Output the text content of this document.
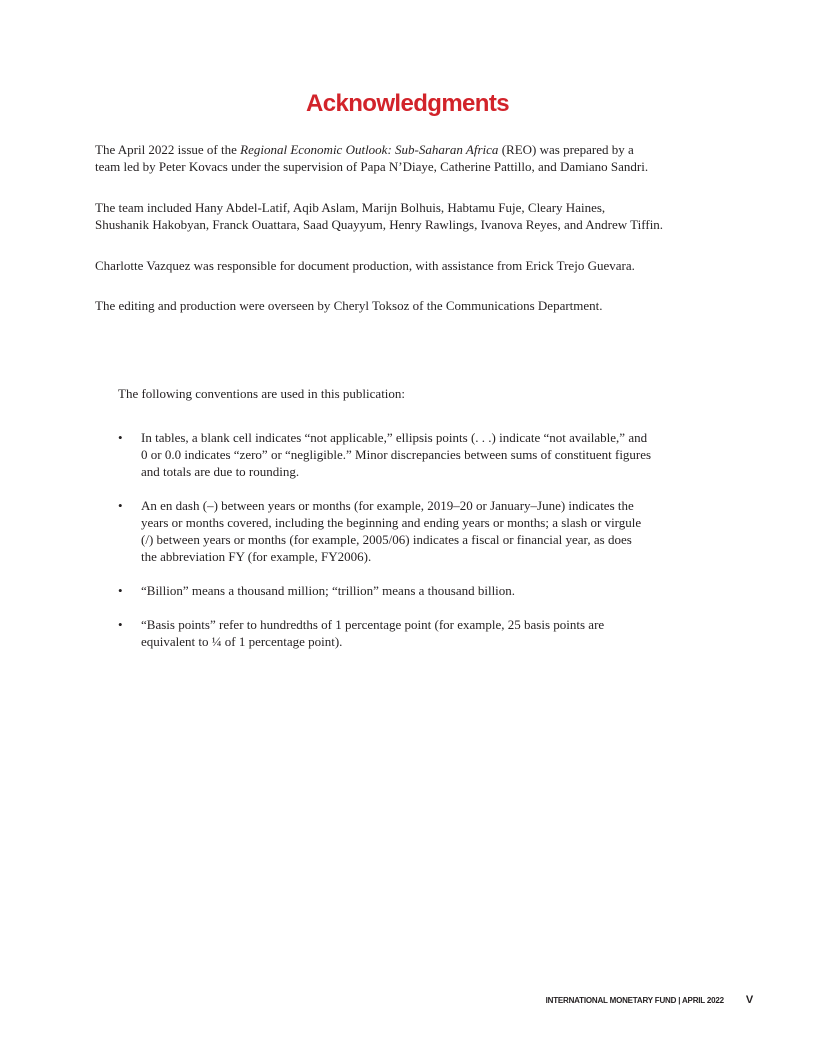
Acknowledgments

The April 2022 issue of the Regional Economic Outlook: Sub-Saharan Africa (REO) was prepared by a

team led by Peter Kovacs under the supervision of Papa N’Diaye, Catherine Pattillo, and Damiano Sandri.

The team included Hany Abdel-Latif, Aqib Aslam, Marijn Bolhuis, Habtamu Fuje, Cleary Haines,

Shushanik Hakobyan, Franck Ouattara, Saad Quayyum, Henry Rawlings, Ivanova Reyes, and Andrew Tiffin.

Charlotte Vazquez was responsible for document production, with assistance from Erick Trejo Guevara.

The editing and production were overseen by Cheryl Toksoz of the Communications Department.

The following conventions are used in this publication:

• In tables, a blank cell indicates “not applicable,” ellipsis points (. . .) indicate “not available,” and
0 or 0.0 indicates “zero” or “negligible.” Minor discrepancies between sums of constituent figures
and totals are due to rounding.
• An en dash (–) between years or months (for example, 2019–20 or January–June) indicates the
years or months covered, including the beginning and ending years or months; a slash or virgule
(/) between years or months (for example, 2005/06) indicates a fiscal or financial year, as does
the abbreviation FY (for example, FY2006).
• “Billion” means a thousand million; “trillion” means a thousand billion.
• “Basis points” refer to hundredths of 1 percentage point (for example, 25 basis points are
equivalent to ¼ of 1 percentage point).
INTERNATIONAL MONETARY FUND | APRIL 2022 V
